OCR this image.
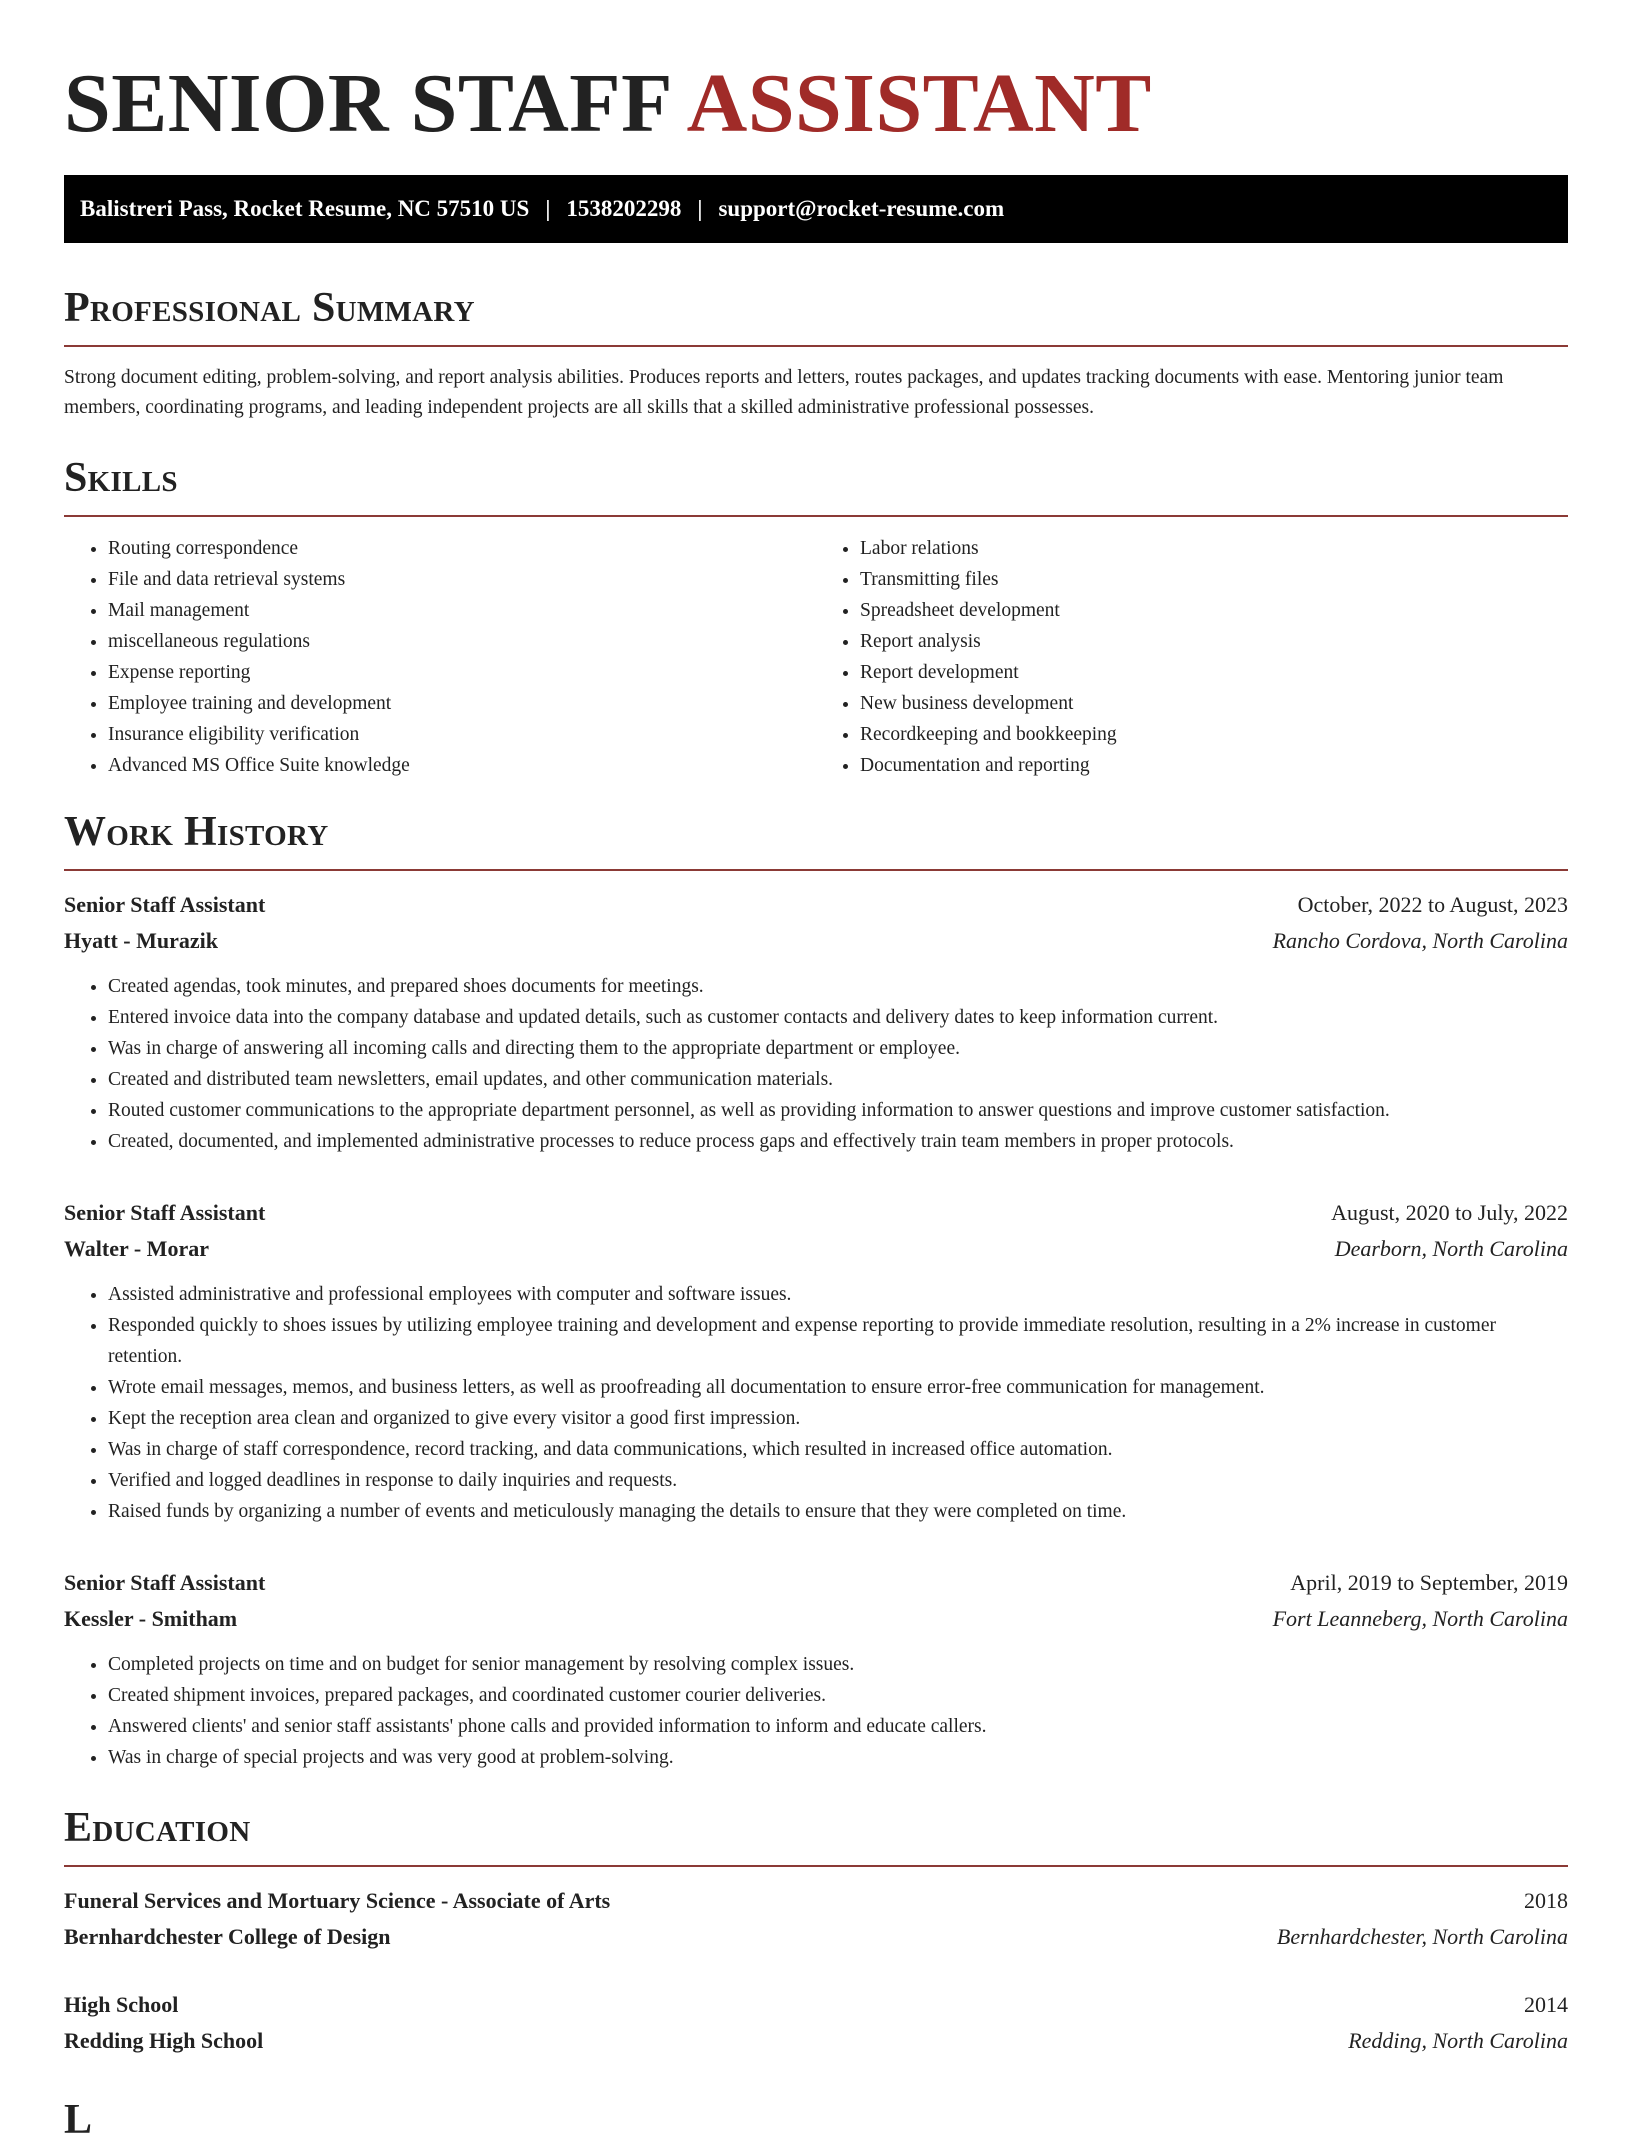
SENIOR STAFF ASSISTANT
Balistreri Pass, Rocket Resume, NC 57510 US | 1538202298 | support@rocket-resume.com
Professional Summary

Strong document editing, problem-solving, and report analysis abilities. Produces reports and letters, routes packages, and updates tracking documents with ease. Mentoring junior team members, coordinating programs, and leading independent projects are all skills that a skilled administrative professional possesses.

Skills
• Routing correspondence
• File and data retrieval systems
• Mail management
• miscellaneous regulations
• Expense reporting
• Employee training and development
• Insurance eligibility verification
• Advanced MS Office Suite knowledge
• Labor relations
• Transmitting files
• Spreadsheet development
• Report analysis
• Report development
• New business development
• Recordkeeping and bookkeeping
• Documentation and reporting
Work History
Senior Staff Assistant	October, 2022 to August, 2023
Hyatt - Murazik	Rancho Cordova, North Carolina
• Created agendas, took minutes, and prepared shoes documents for meetings.
• Entered invoice data into the company database and updated details, such as customer contacts and delivery dates to keep information current.
• Was in charge of answering all incoming calls and directing them to the appropriate department or employee.
• Created and distributed team newsletters, email updates, and other communication materials.
• Routed customer communications to the appropriate department personnel, as well as providing information to answer questions and improve customer satisfaction.
• Created, documented, and implemented administrative processes to reduce process gaps and effectively train team members in proper protocols.
Senior Staff Assistant	August, 2020 to July, 2022
Walter - Morar	Dearborn, North Carolina
• Assisted administrative and professional employees with computer and software issues.
• Responded quickly to shoes issues by utilizing employee training and development and expense reporting to provide immediate resolution, resulting in a 2% increase in customer retention.
• Wrote email messages, memos, and business letters, as well as proofreading all documentation to ensure error-free communication for management.
• Kept the reception area clean and organized to give every visitor a good first impression.
• Was in charge of staff correspondence, record tracking, and data communications, which resulted in increased office automation.
• Verified and logged deadlines in response to daily inquiries and requests.
• Raised funds by organizing a number of events and meticulously managing the details to ensure that they were completed on time.
Senior Staff Assistant	April, 2019 to September, 2019
Kessler - Smitham	Fort Leanneberg, North Carolina
• Completed projects on time and on budget for senior management by resolving complex issues.
• Created shipment invoices, prepared packages, and coordinated customer courier deliveries.
• Answered clients' and senior staff assistants' phone calls and provided information to inform and educate callers.
• Was in charge of special projects and was very good at problem-solving.
Education
Funeral Services and Mortuary Science - Associate of Arts	2018
Bernhardchester College of Design	Bernhardchester, North Carolina
High School	2014
Redding High School	Redding, North Carolina
L
